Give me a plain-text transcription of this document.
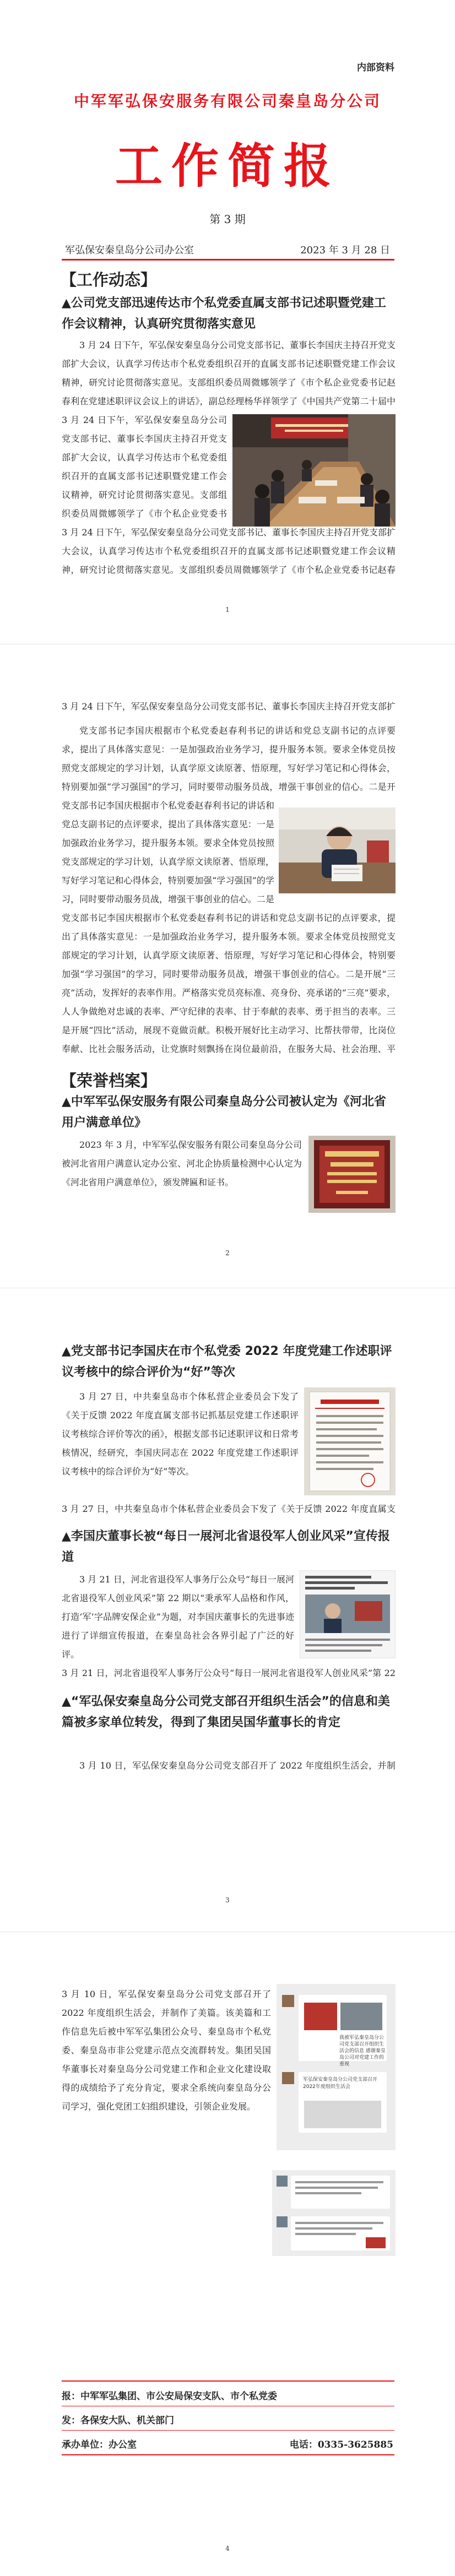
内部资料
中军军弘保安服务有限公司秦皇岛分公司
工作简报
第 3 期
军弘保安秦皇岛分公司办公室	2023 年 3 月 28 日
【工作动态】

▲公司党支部迅速传达市个私党委直属支部书记述职暨党建工作会议精神，认真研究贯彻落实意见

3 月 24 日下午，军弘保安秦皇岛分公司党支部书记、董事长李国庆主持召开党支部扩大会议，认真学习传达市个私党委组织召开的直属支部书记述职暨党建工作会议精神，研究讨论贯彻落实意见。支部组织委员周微娜领学了《市个私企业党委书记赵春利在党建述职评议会议上的讲话》，副总经理杨华祥领学了《中国共产党第二十届中

3 月 24 日下午，军弘保安秦皇岛分公司党支部书记、董事长李国庆主持召开党支部扩大会议，认真学习传达市个私党委组织召开的直属支部书记述职暨党建工作会议精神，研究讨论贯彻落实意见。支部组织委员周微娜领学了《市个私企业党委书

3 月 24 日下午，军弘保安秦皇岛分公司党支部书记、董事长李国庆主持召开党支部扩大会议，认真学习传达市个私党委组织召开的直属支部书记述职暨党建工作会议精神，研究讨论贯彻落实意见。支部组织委员周微娜领学了《市个私企业党委书记赵春

1

3 月 24 日下午，军弘保安秦皇岛分公司党支部书记、董事长李国庆主持召开党支部扩

党支部书记李国庆根据市个私党委赵春利书记的讲话和党总支副书记的点评要求，提出了具体落实意见：一是加强政治业务学习，提升服务本领。要求全体党员按照党支部规定的学习计划，认真学原文读原著、悟原理，写好学习笔记和心得体会，特别要加强“学习强国”的学习，同时要带动服务员战，增强干事创业的信心。二是开

党支部书记李国庆根据市个私党委赵春利书记的讲话和党总支副书记的点评要求，提出了具体落实意见：一是加强政治业务学习，提升服务本领。要求全体党员按照党支部规定的学习计划，认真学原文读原著、悟原理，写好学习笔记和心得体会，特别要加强“学习强国”的学习，同时要带动服务员战，增强干事创业的信心。二是

党支部书记李国庆根据市个私党委赵春利书记的讲话和党总支副书记的点评要求，提出了具体落实意见：一是加强政治业务学习，提升服务本领。要求全体党员按照党支部规定的学习计划，认真学原文读原著、悟原理，写好学习笔记和心得体会，特别要加强“学习强国”的学习，同时要带动服务员战，增强干事创业的信心。二是开展“三亮”活动，发挥好的表率作用。严格落实党员亮标准、亮身份、亮承诺的“三亮”要求，人人争做绝对忠诚的表率、严守纪律的表率、甘于奉献的表率、勇于担当的表率。三是开展“四比”活动，展现不竟做贡献。积极开展好比主动学习、比帮扶带带，比岗位奉献、比社会服务活动，让党旗时刻飘扬在岗位最前沿，在服务大局、社会治理、平

【荣誉档案】

▲中军军弘保安服务有限公司秦皇岛分公司被认定为《河北省用户满意单位》

2023 年 3 月，中军军弘保安服务有限公司秦皇岛分公司被河北省用户满意认定办公室、河北企协质量检测中心认定为《河北省用户满意单位》，颁发牌匾和证书。

2

▲党支部书记李国庆在市个私党委 2022 年度党建工作述职评议考核中的综合评价为“好”等次

3 月 27 日，中共秦皇岛市个体私营企业委员会下发了《关于反馈 2022 年度直属支部书记抓基层党建工作述职评议考核综合评价等次的函》，根据支部书记述职评议和日常考核情况，经研究，李国庆同志在 2022 年度党建工作述职评议考核中的综合评价为“好”等次。

3 月 27 日，中共秦皇岛市个体私营企业委员会下发了《关于反馈 2022 年度直属支

▲李国庆董事长被“每日一展河北省退役军人创业风采”宣传报道

3 月 21 日，河北省退役军人事务厅公众号“每日一展河北省退役军人创业风采”第 22 期以“秉承军人品格和作风，打造‘军’字品牌安保企业”为题，对李国庆董事长的先进事迹进行了详细宣传报道，在秦皇岛社会各界引起了广泛的好评。

3 月 21 日，河北省退役军人事务厅公众号“每日一展河北省退役军人创业风采”第 22

▲“军弘保安秦皇岛分公司党支部召开组织生活会”的信息和美篇被多家单位转发，得到了集团吴国华董事长的肯定

3 月 10 日，军弘保安秦皇岛分公司党支部召开了 2022 年度组织生活会，并制

3
我被军弘秦皇岛分公司党支部召开组织生活会的信息 感谢秦皇岛公司对党建工作的重视
军弘保安秦皇岛分公司党支部召开2022年度组织生活会

3 月 10 日，军弘保安秦皇岛分公司党支部召开了 2022 年度组织生活会，并制作了美篇。该美篇和工作信息先后被中军军弘集团公众号、秦皇岛市个私党委、秦皇岛市非公党建示范点交流群转发。集团吴国华董事长对秦皇岛分公司党建工作和企业文化建设取得的成绩给予了充分肯定，要求全系统向秦皇岛分公司学习，强化党团工妇组织建设，引领企业发展。

报：中军军弘集团、市公安局保安支队、市个私党委
发：各保安大队、机关部门
承办单位：办公室	电话：0335-3625885
4
